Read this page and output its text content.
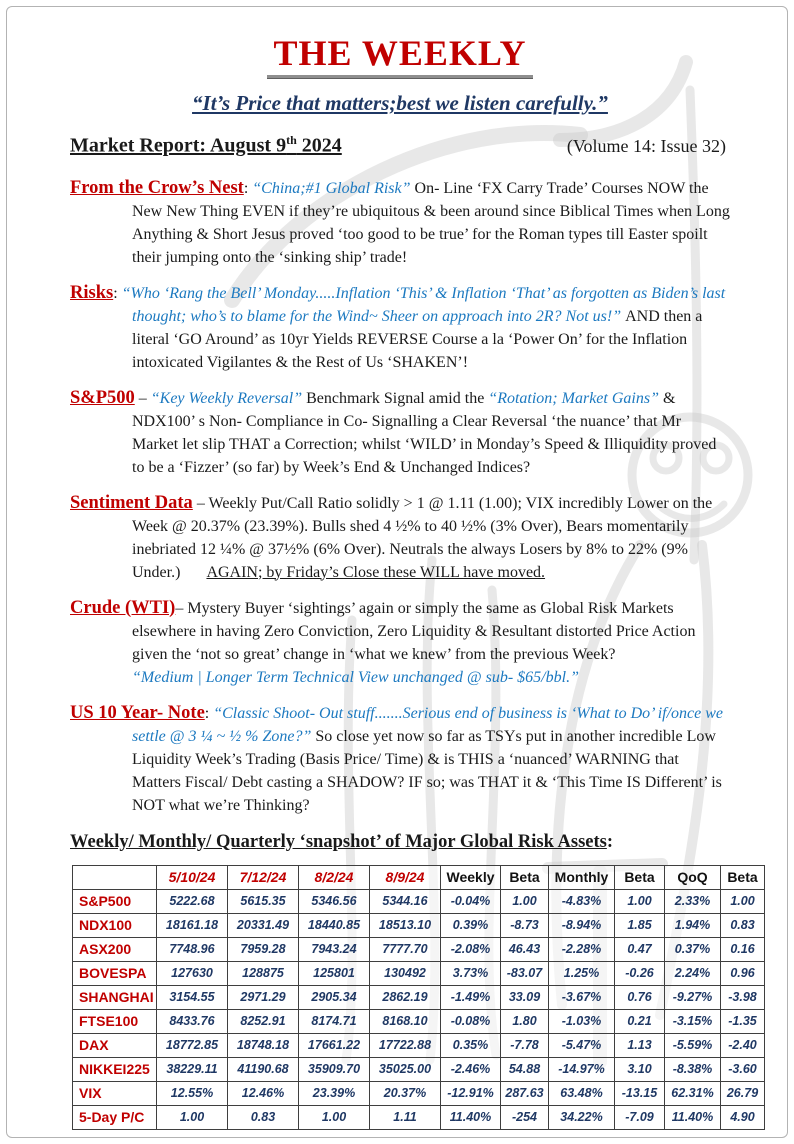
THE WEEKLY
“It’s Price that matters;best we listen carefully.”
Market Report: August 9th 2024	(Volume 14: Issue 32)

From the Crow’s Nest: “China;#1 Global Risk” On- Line ‘FX Carry Trade’ Courses NOW the New New Thing EVEN if they’re ubiquitous & been around since Biblical Times when Long Anything & Short Jesus proved ‘too good to be true’ for the Roman types till Easter spoilt their jumping onto the ‘sinking ship’ trade!

Risks: “Who ‘Rang the Bell’ Monday.....Inflation ‘This’ & Inflation ‘That’ as forgotten as Biden’s last thought; who’s to blame for the Wind~ Sheer on approach into 2R? Not us!” AND then a literal ‘GO Around’ as 10yr Yields REVERSE Course a la ‘Power On’ for the Inflation intoxicated Vigilantes & the Rest of Us ‘SHAKEN’!

S&P500 – “Key Weekly Reversal” Benchmark Signal amid the “Rotation; Market Gains” & NDX100’ s Non- Compliance in Co- Signalling a Clear Reversal ‘the nuance’ that Mr Market let slip THAT a Correction; whilst ‘WILD’ in Monday’s Speed & Illiquidity proved to be a ‘Fizzer’ (so far) by Week’s End & Unchanged Indices?

Sentiment Data – Weekly Put/Call Ratio solidly > 1 @ 1.11 (1.00); VIX incredibly Lower on the Week @ 20.37% (23.39%). Bulls shed 4 ½% to 40 ½% (3% Over), Bears momentarily inebriated 12 ¼% @ 37½% (6% Over). Neutrals the always Losers by 8% to 22% (9% Under.) AGAIN; by Friday’s Close these WILL have moved.

Crude (WTI)– Mystery Buyer ‘sightings’ again or simply the same as Global Risk Markets elsewhere in having Zero Conviction, Zero Liquidity & Resultant distorted Price Action given the ‘not so great’ change in ‘what we knew’ from the previous Week?
“Medium | Longer Term Technical View unchanged @ sub- $65/bbl.”

US 10 Year- Note: “Classic Shoot- Out stuff.......Serious end of business is ‘What to Do’ if/once we settle @ 3 ¼ ~ ½ % Zone?” So close yet now so far as TSYs put in another incredible Low Liquidity Week’s Trading (Basis Price/ Time) & is THIS a ‘nuanced’ WARNING that Matters Fiscal/ Debt casting a SHADOW? IF so; was THAT it & ‘This Time IS Different’ is NOT what we’re Thinking?

Weekly/ Monthly/ Quarterly ‘snapshot’ of Major Global Risk Assets:
	5/10/24	7/12/24	8/2/24	8/9/24	Weekly	Beta	Monthly	Beta	QoQ	Beta
S&P500	5222.68	5615.35	5346.56	5344.16	-0.04%	1.00	-4.83%	1.00	2.33%	1.00
NDX100	18161.18	20331.49	18440.85	18513.10	0.39%	-8.73	-8.94%	1.85	1.94%	0.83
ASX200	7748.96	7959.28	7943.24	7777.70	-2.08%	46.43	-2.28%	0.47	0.37%	0.16
BOVESPA	127630	128875	125801	130492	3.73%	-83.07	1.25%	-0.26	2.24%	0.96
SHANGHAI	3154.55	2971.29	2905.34	2862.19	-1.49%	33.09	-3.67%	0.76	-9.27%	-3.98
FTSE100	8433.76	8252.91	8174.71	8168.10	-0.08%	1.80	-1.03%	0.21	-3.15%	-1.35
DAX	18772.85	18748.18	17661.22	17722.88	0.35%	-7.78	-5.47%	1.13	-5.59%	-2.40
NIKKEI225	38229.11	41190.68	35909.70	35025.00	-2.46%	54.88	-14.97%	3.10	-8.38%	-3.60
VIX	12.55%	12.46%	23.39%	20.37%	-12.91%	287.63	63.48%	-13.15	62.31%	26.79
5-Day P/C	1.00	0.83	1.00	1.11	11.40%	-254	34.22%	-7.09	11.40%	4.90
